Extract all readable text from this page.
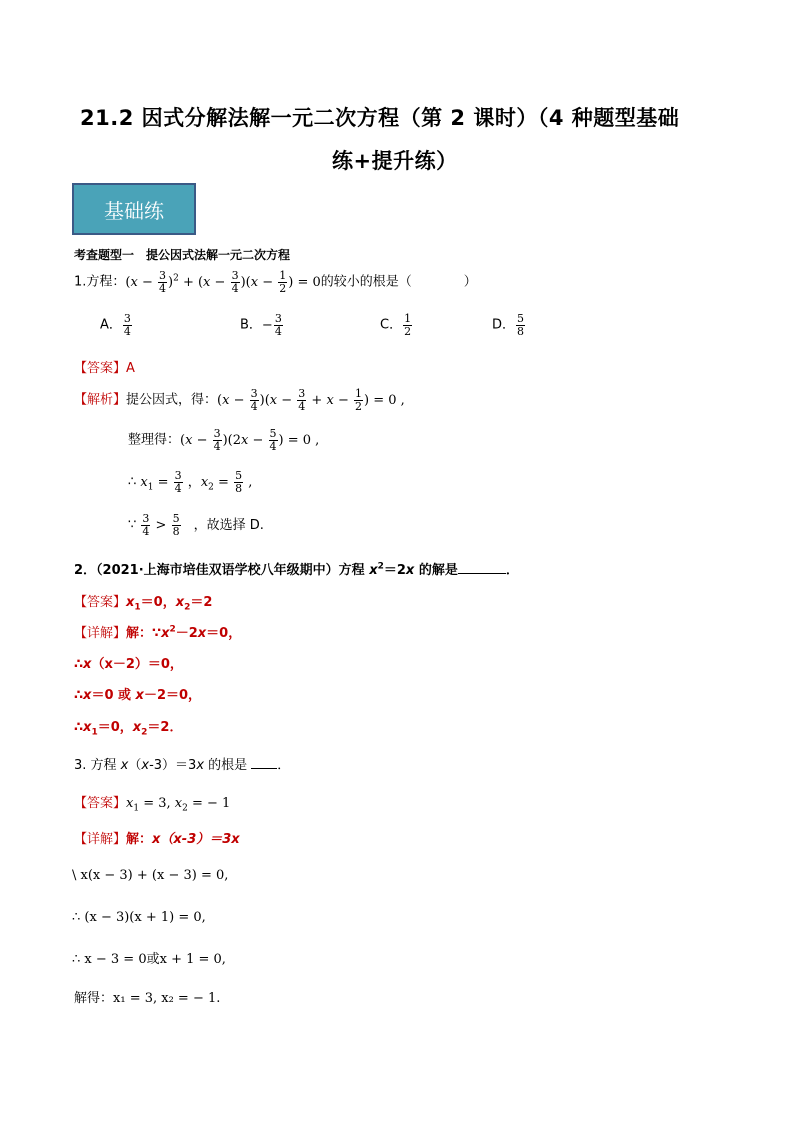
21.2 因式分解法解一元二次方程（第 2 课时）（4 种题型基础
练+提升练）
基础练
考查题型一　提公因式法解一元二次方程
1.方程：$(x - \frac{3}{4} )^2 + (x - \frac{3}{4} )(x - \frac{1}{2}$ ) = 0的较小的根是（　　　　）
A． $\frac{3}{4}$	B．− $\frac{3}{4}$	C． $\frac{1}{2}$	D． $\frac{5}{8}$
【答案】A
【解析】提公因式，得：$(x - \frac{3}{4} )(x - \frac{3}{4} + x - \frac{1}{2}$ ) = 0 ,
整理得：$(x - \frac{3}{4} )(2x - \frac{5}{4}$ ) = 0 ,
∴ $x_1 = \frac{3}{4}$ ，$x_2 = \frac{5}{8}$ ,
∵ $\frac{3}{4} > \frac{5}{8}$ ，故选择 D.
2．（2021·上海市培佳双语学校八年级期中）方程 $x^2=2x$ 的解是	．
【答案】$x_1=0$，$x_2=2$
【详解】解：$\because x^2-2x=0$，
∴x（x－2）＝0，
∴x＝0 或 x－2＝0，
$\therefore x_1=0$，$x_2=2$．
3. 方程 x（x-3）＝3x 的根是 ．
【答案】$x_1 = 3$, $x_2$ = − 1
【详解】解：x（x-3）＝3x
\ x(x − 3) + (x − 3) = 0,
∴ (x − 3)(x + 1) = 0,
∴ x − 3 = 0或x + 1 = 0,
解得：x₁ = 3, x₂ = − 1.
